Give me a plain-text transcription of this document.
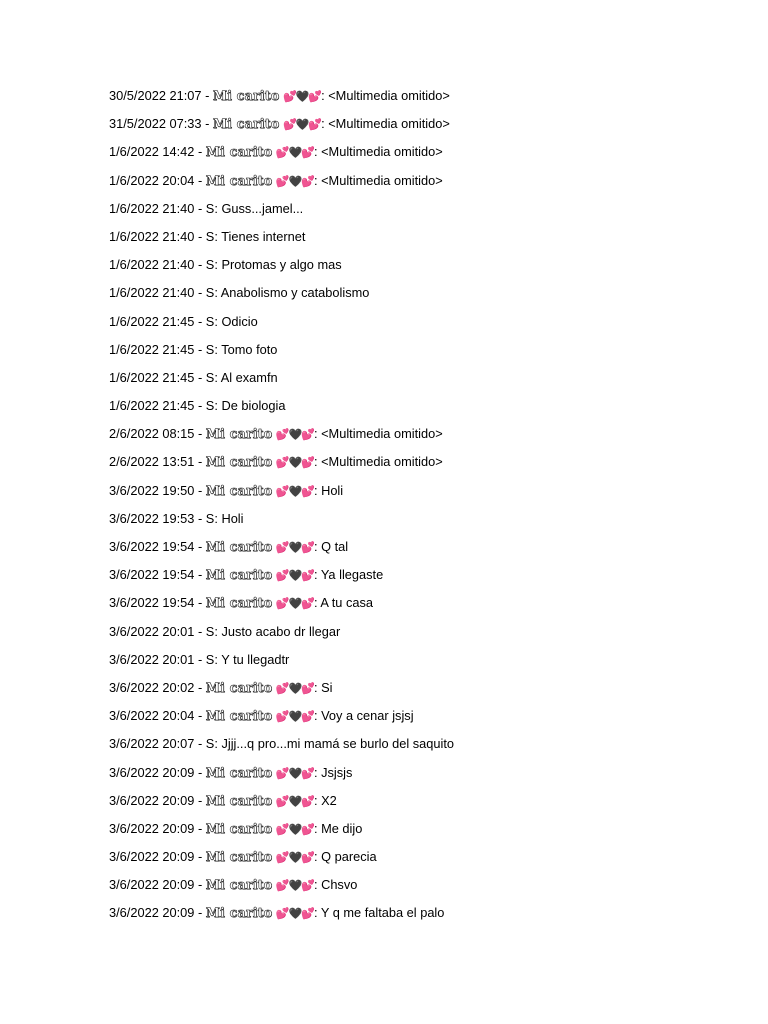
30/5/2022 21:07 - Mi carito 💕🖤💕: <Multimedia omitido>
31/5/2022 07:33 - Mi carito 💕🖤💕: <Multimedia omitido>
1/6/2022 14:42 - Mi carito 💕🖤💕: <Multimedia omitido>
1/6/2022 20:04 - Mi carito 💕🖤💕: <Multimedia omitido>
1/6/2022 21:40 - S: Guss...jamel...
1/6/2022 21:40 - S: Tienes internet
1/6/2022 21:40 - S: Protomas y algo mas
1/6/2022 21:40 - S: Anabolismo y catabolismo
1/6/2022 21:45 - S: Odicio
1/6/2022 21:45 - S: Tomo foto
1/6/2022 21:45 - S: Al examfn
1/6/2022 21:45 - S: De biologia
2/6/2022 08:15 - Mi carito 💕🖤💕: <Multimedia omitido>
2/6/2022 13:51 - Mi carito 💕🖤💕: <Multimedia omitido>
3/6/2022 19:50 - Mi carito 💕🖤💕: Holi
3/6/2022 19:53 - S: Holi
3/6/2022 19:54 - Mi carito 💕🖤💕: Q tal
3/6/2022 19:54 - Mi carito 💕🖤💕: Ya llegaste
3/6/2022 19:54 - Mi carito 💕🖤💕: A tu casa
3/6/2022 20:01 - S: Justo acabo dr llegar
3/6/2022 20:01 - S: Y tu llegadtr
3/6/2022 20:02 - Mi carito 💕🖤💕: Si
3/6/2022 20:04 - Mi carito 💕🖤💕: Voy a cenar jsjsj
3/6/2022 20:07 - S: Jjjj...q pro...mi mamá se burlo del saquito
3/6/2022 20:09 - Mi carito 💕🖤💕: Jsjsjs
3/6/2022 20:09 - Mi carito 💕🖤💕: X2
3/6/2022 20:09 - Mi carito 💕🖤💕: Me dijo
3/6/2022 20:09 - Mi carito 💕🖤💕: Q parecia
3/6/2022 20:09 - Mi carito 💕🖤💕: Chsvo
3/6/2022 20:09 - Mi carito 💕🖤💕: Y q me faltaba el palo
